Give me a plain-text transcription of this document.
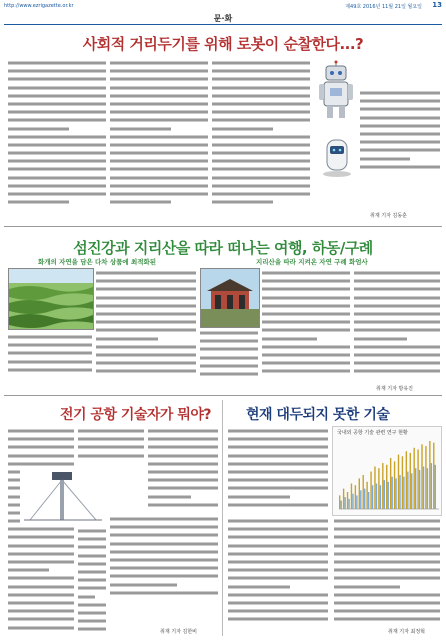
http://www.ezrigazette.or.kr	제49호 2016년 11월 21일 월요일 13
문·화
사회적 거리두기를 위해 로봇이 순찰한다...?
취재 기자 김동훈
섬진강과 지리산을 따라 떠나는 여행, 하동/구례
화개의 자연을 담은 다차 상품에 최적화된	지리산을 따라 지켜온 자연 구례 화엄사
취재 기자 방유진
전기 공항 기술자가 뭐야?
취재 기자 김한비
현재 대두되지 못한 기술
국내외 공항 기술 관련 연구 현황
취재 기자 최정혁
